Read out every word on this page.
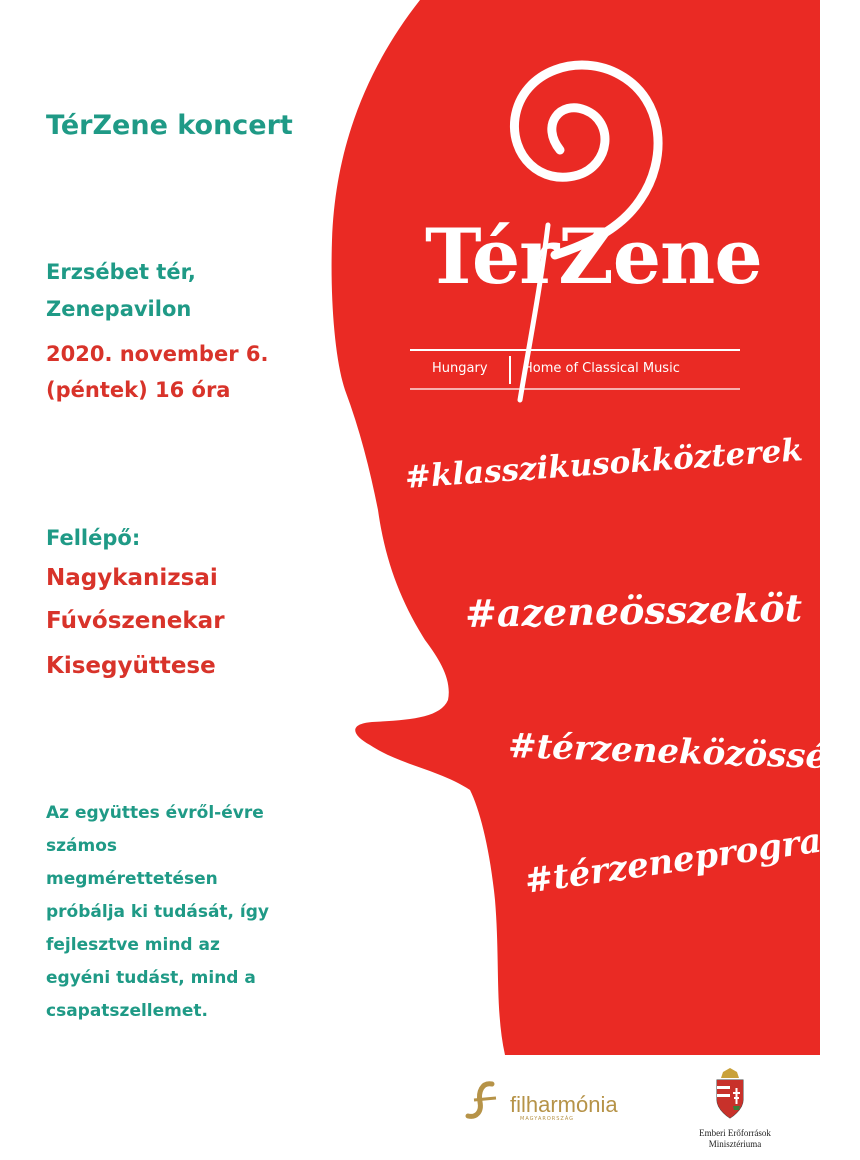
TérZene
Hungary	Home of Classical Music
#klasszikusokközterek
#azeneösszeköt
#térzeneközösség
#térzeneprogram
TérZene koncert
Erzsébet tér,
Zenepavilon
2020. november 6.
(péntek) 16 óra
Fellépő:
Nagykanizsai
Fúvószenekar
Kisegyüttese
Az együttes évről-évre
számos
megmérettetésen
próbálja ki tudását, így
fejlesztve mind az
egyéni tudást, mind a
csapatszellemet.
filharmónia
MAGYARORSZÁG
Emberi Erőforrások
Minisztériuma
